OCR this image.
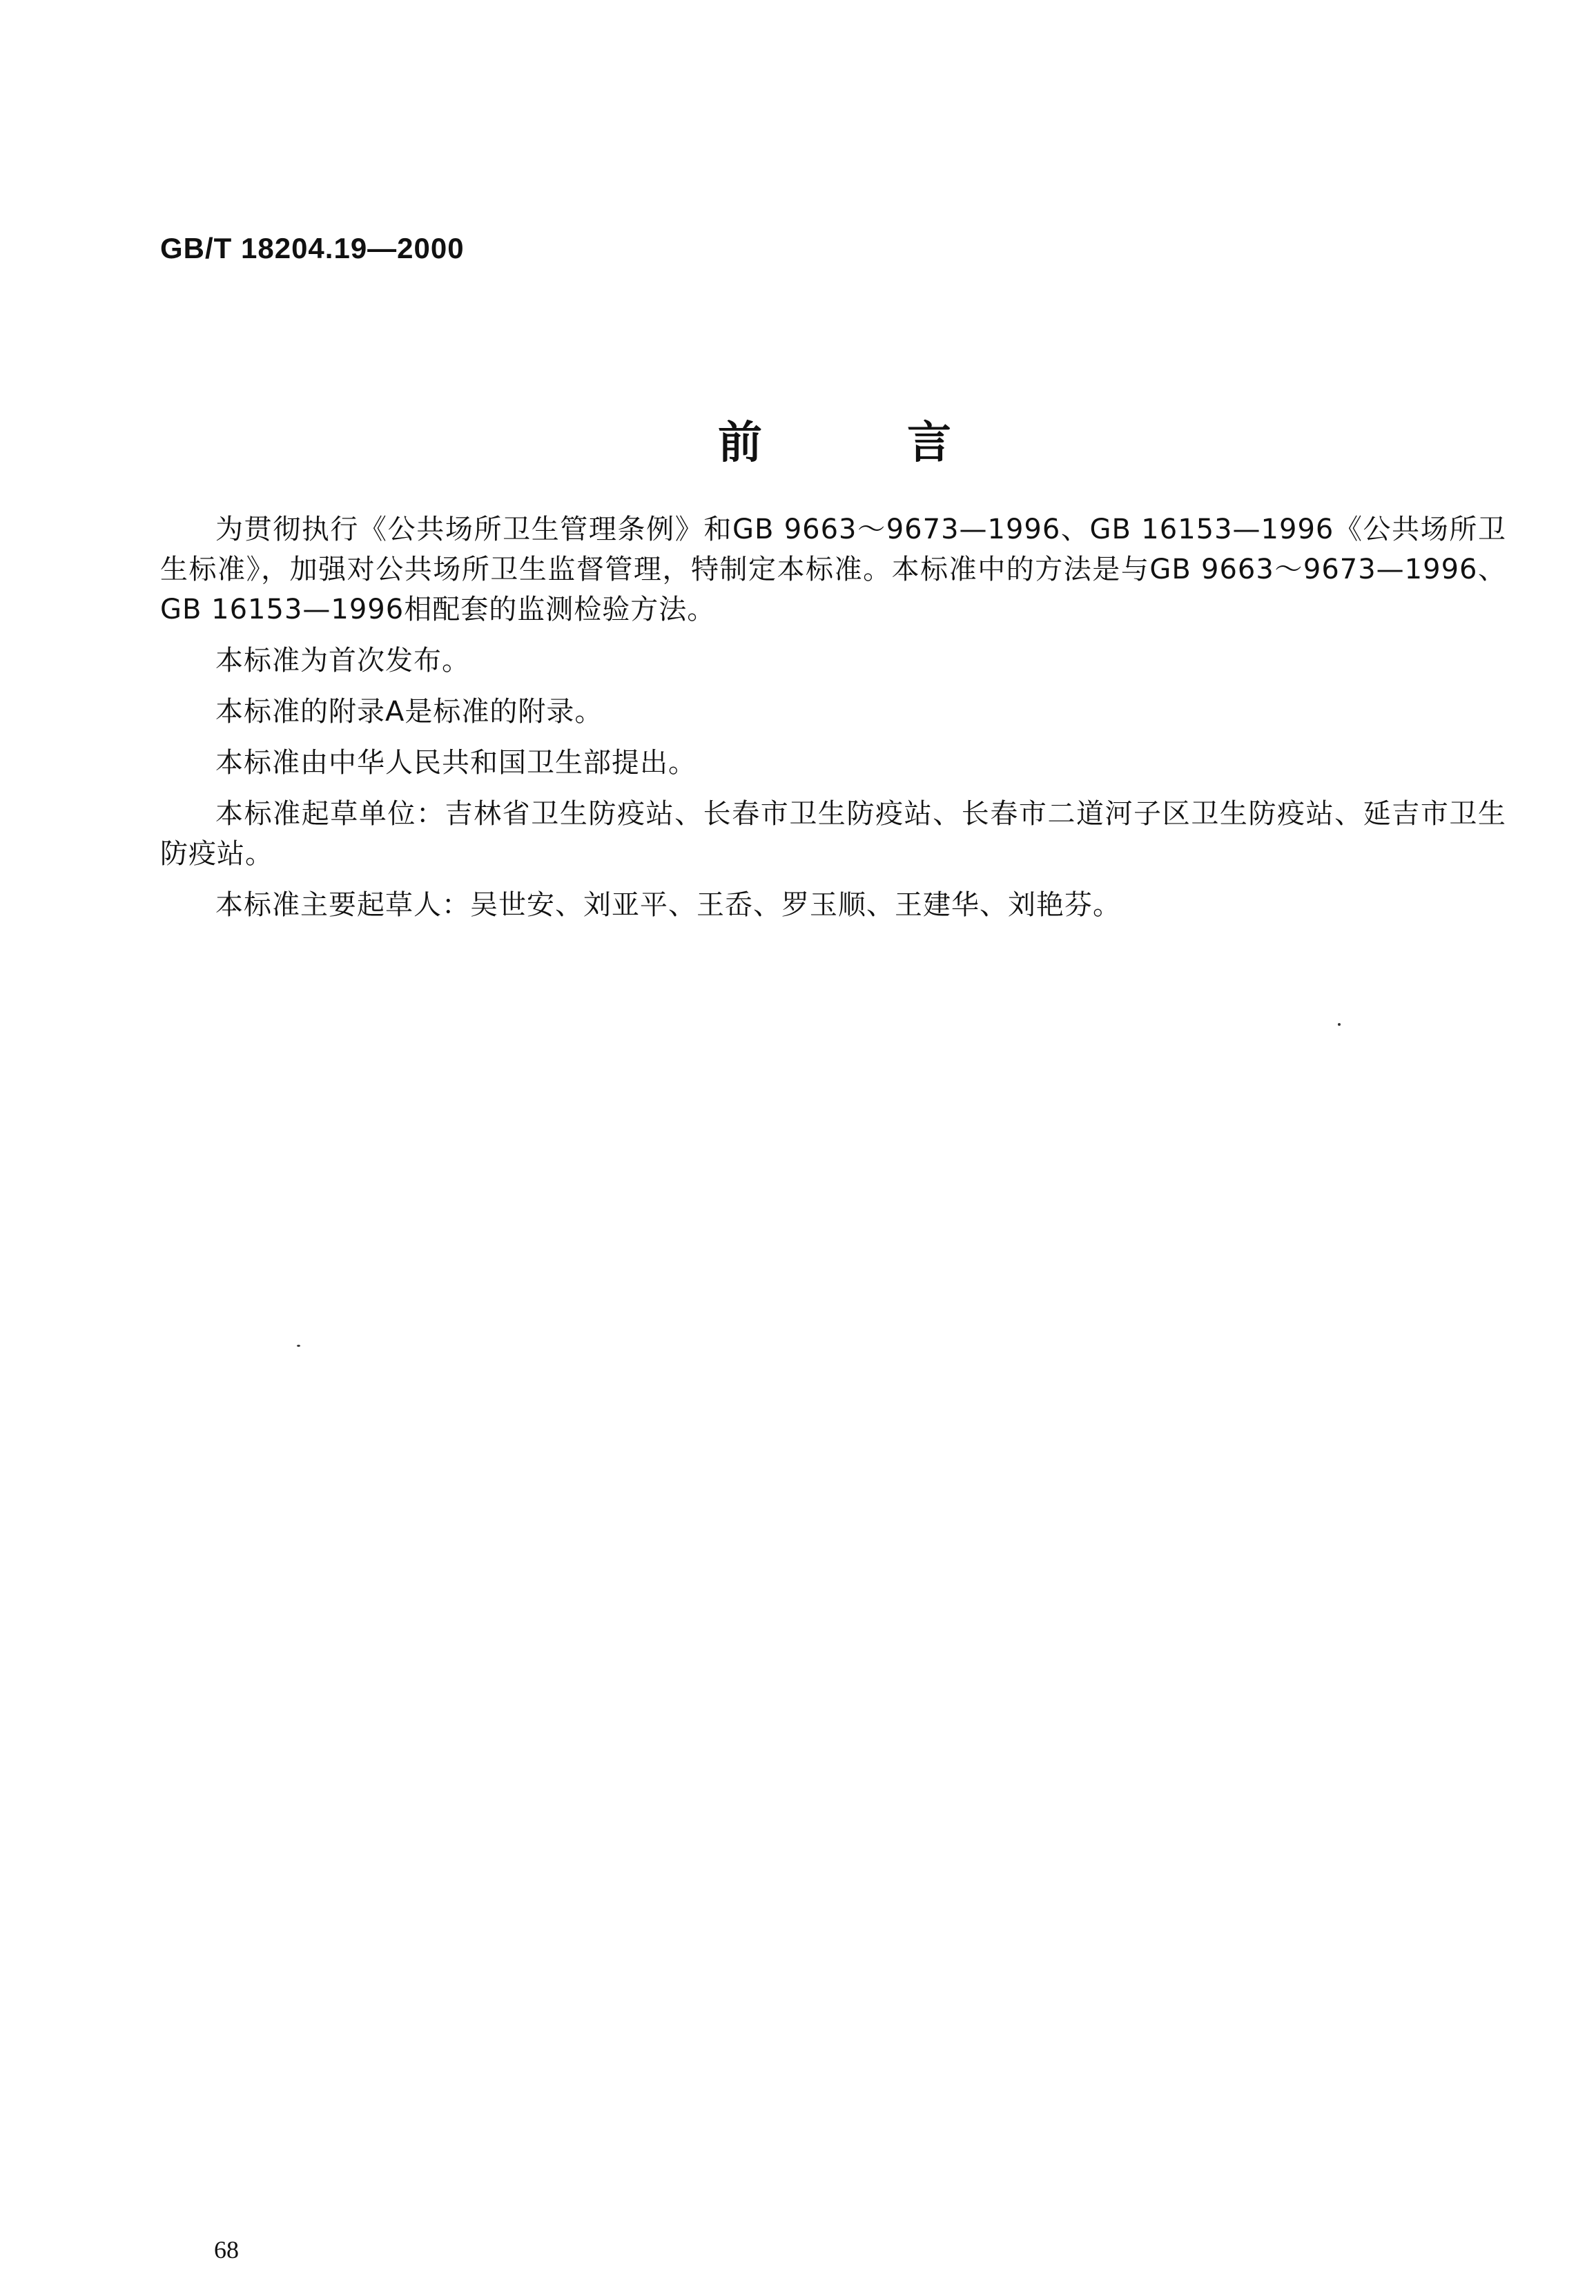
GB/T 18204.19—2000
前言

为贯彻执行《公共场所卫生管理条例》和GB 9663～9673—1996、GB 16153—1996《公共场所卫生标准》，加强对公共场所卫生监督管理，特制定本标准。本标准中的方法是与GB 9663～9673—1996、GB 16153—1996相配套的监测检验方法。

本标准为首次发布。

本标准的附录A是标准的附录。

本标准由中华人民共和国卫生部提出。

本标准起草单位：吉林省卫生防疫站、长春市卫生防疫站、长春市二道河子区卫生防疫站、延吉市卫生防疫站。

本标准主要起草人：吴世安、刘亚平、王岙、罗玉顺、王建华、刘艳芬。

68
